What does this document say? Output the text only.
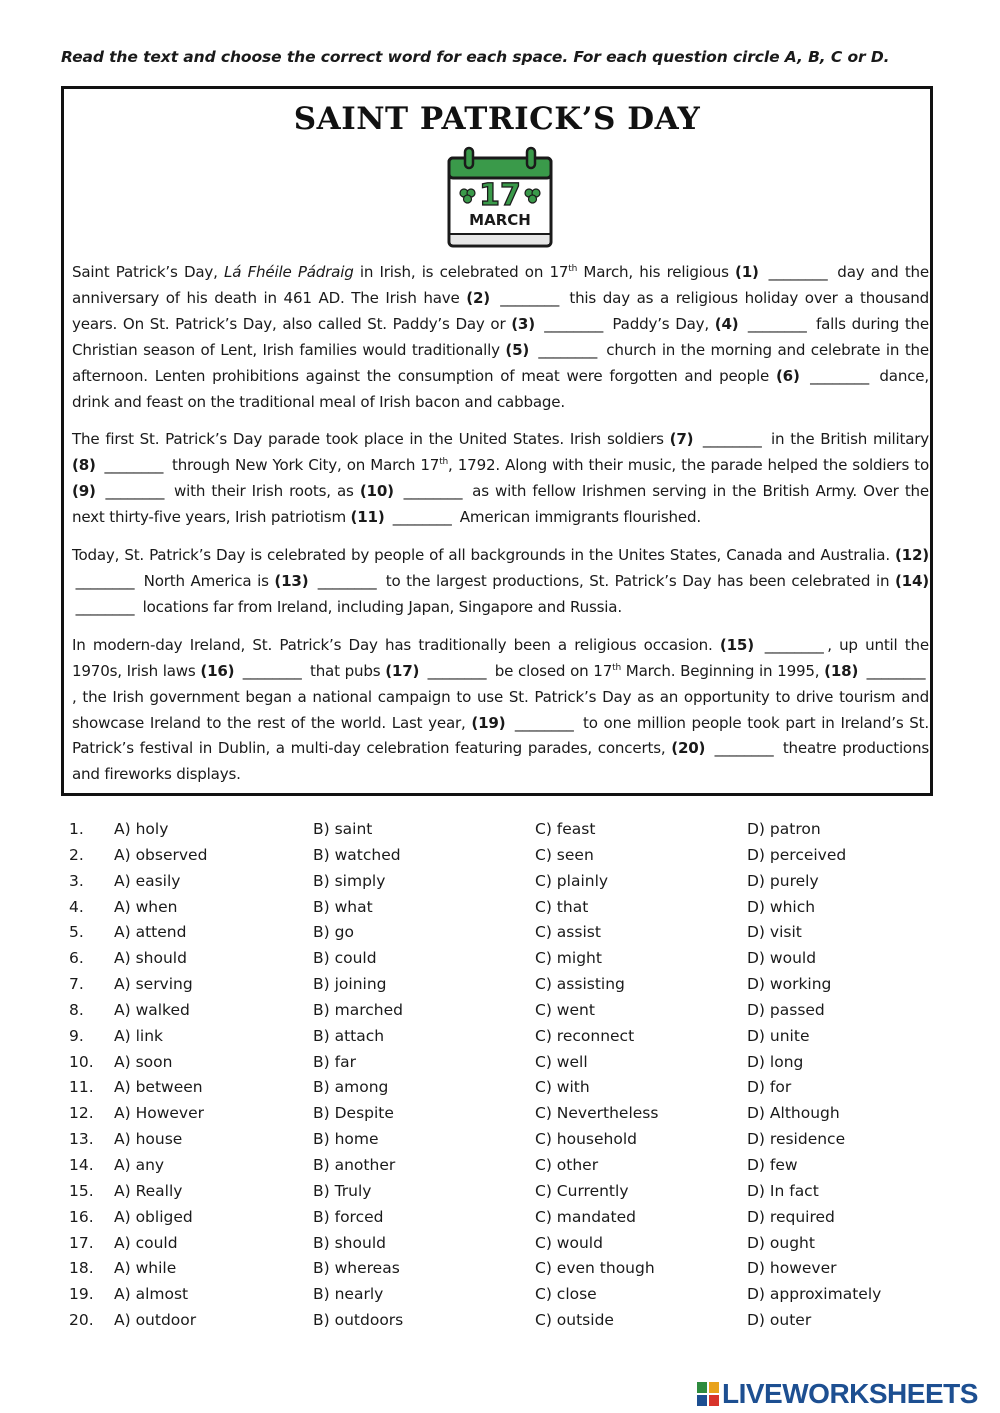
Read the text and choose the correct word for each space. For each question circle A, B, C or D.
SAINT PATRICK’S DAY
17
MARCH

Saint Patrick’s Day, Lá Fhéile Pádraig in Irish, is celebrated on 17th March, his religious (1) ________ day and the anniversary of his death in 461 AD. The Irish have (2) ________ this day as a religious holiday over a thousand years. On St. Patrick’s Day, also called St. Paddy’s Day or (3) ________ Paddy’s Day, (4) ________ falls during the Christian season of Lent, Irish families would traditionally (5) ________ church in the morning and celebrate in the afternoon. Lenten prohibitions against the consumption of meat were forgotten and people (6) ________ dance, drink and feast on the traditional meal of Irish bacon and cabbage.

The first St. Patrick’s Day parade took place in the United States. Irish soldiers (7) ________ in the British military (8) ________ through New York City, on March 17th, 1792. Along with their music, the parade helped the soldiers to (9) ________ with their Irish roots, as (10) ________ as with fellow Irishmen serving in the British Army. Over the next thirty-five years, Irish patriotism (11) ________ American immigrants flourished.

Today, St. Patrick’s Day is celebrated by people of all backgrounds in the Unites States, Canada and Australia. (12) ________ North America is (13) ________ to the largest productions, St. Patrick’s Day has been celebrated in (14) ________ locations far from Ireland, including Japan, Singapore and Russia.

In modern-day Ireland, St. Patrick’s Day has traditionally been a religious occasion. (15) ________ , up until the 1970s, Irish laws (16) ________ that pubs (17) ________ be closed on 17th March. Beginning in 1995, (18) ________, the Irish government began a national campaign to use St. Patrick’s Day as an opportunity to drive tourism and showcase Ireland to the rest of the world. Last year, (19) ________ to one million people took part in Ireland’s St. Patrick’s festival in Dublin, a multi-day celebration featuring parades, concerts, (20) ________ theatre productions and fireworks displays.

1. A) holy	B) saint	C) feast	D) patron
2. A) observed	B) watched	C) seen	D) perceived
3. A) easily	B) simply	C) plainly	D) purely
4. A) when	B) what	C) that	D) which
5. A) attend	B) go	C) assist	D) visit
6. A) should	B) could	C) might	D) would
7. A) serving	B) joining	C) assisting	D) working
8. A) walked	B) marched	C) went	D) passed
9. A) link	B) attach	C) reconnect	D) unite
10. A) soon	B) far	C) well	D) long
11. A) between	B) among	C) with	D) for
12. A) However	B) Despite	C) Nevertheless	D) Although
13. A) house	B) home	C) household	D) residence
14. A) any	B) another	C) other	D) few
15. A) Really	B) Truly	C) Currently	D) In fact
16. A) obliged	B) forced	C) mandated	D) required
17. A) could	B) should	C) would	D) ought
18. A) while	B) whereas	C) even though	D) however
19. A) almost	B) nearly	C) close	D) approximately
20. A) outdoor	B) outdoors	C) outside	D) outer
LIVEWORKSHEETS
